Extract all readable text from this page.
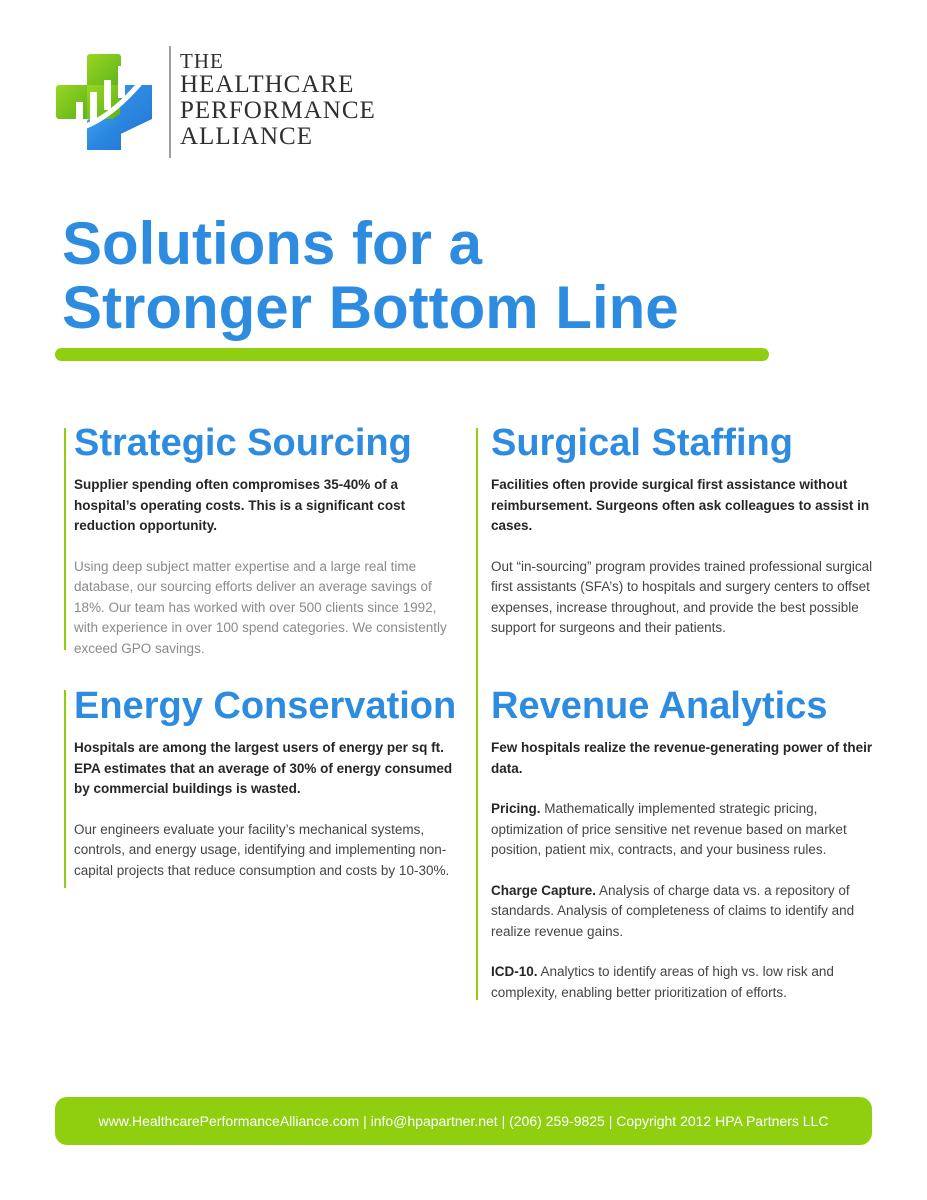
THE
HEALTHCARE
PERFORMANCE
ALLIANCE
Solutions for a
Stronger Bottom Line
Strategic Sourcing

Supplier spending often compromises 35-40% of a hospital’s operating costs. This is a significant cost reduction opportunity.

Using deep subject matter expertise and a large real time database, our sourcing efforts deliver an average savings of 18%. Our team has worked with over 500 clients since 1992, with experience in over 100 spend categories. We consistently exceed GPO savings.

Surgical Staffing

Facilities often provide surgical first assistance without reimbursement. Surgeons often ask colleagues to assist in cases.

Out “in-sourcing” program provides trained professional surgical first assistants (SFA’s) to hospitals and surgery centers to offset expenses, increase throughout, and provide the best possible support for surgeons and their patients.

Energy Conservation

Hospitals are among the largest users of energy per sq ft. EPA estimates that an average of 30% of energy consumed by commercial buildings is wasted.

Our engineers evaluate your facility’s mechanical systems, controls, and energy usage, identifying and implementing non-capital projects that reduce consumption and costs by 10-30%.

Revenue Analytics

Few hospitals realize the revenue-generating power of their data.

Pricing. Mathematically implemented strategic pricing, optimization of price sensitive net revenue based on market position, patient mix, contracts, and your business rules.

Charge Capture. Analysis of charge data vs. a repository of standards. Analysis of completeness of claims to identify and realize revenue gains.

ICD-10. Analytics to identify areas of high vs. low risk and complexity, enabling better prioritization of efforts.

www.HealthcarePerformanceAlliance.com | info@hpapartner.net | (206) 259-9825 | Copyright 2012 HPA Partners LLC
